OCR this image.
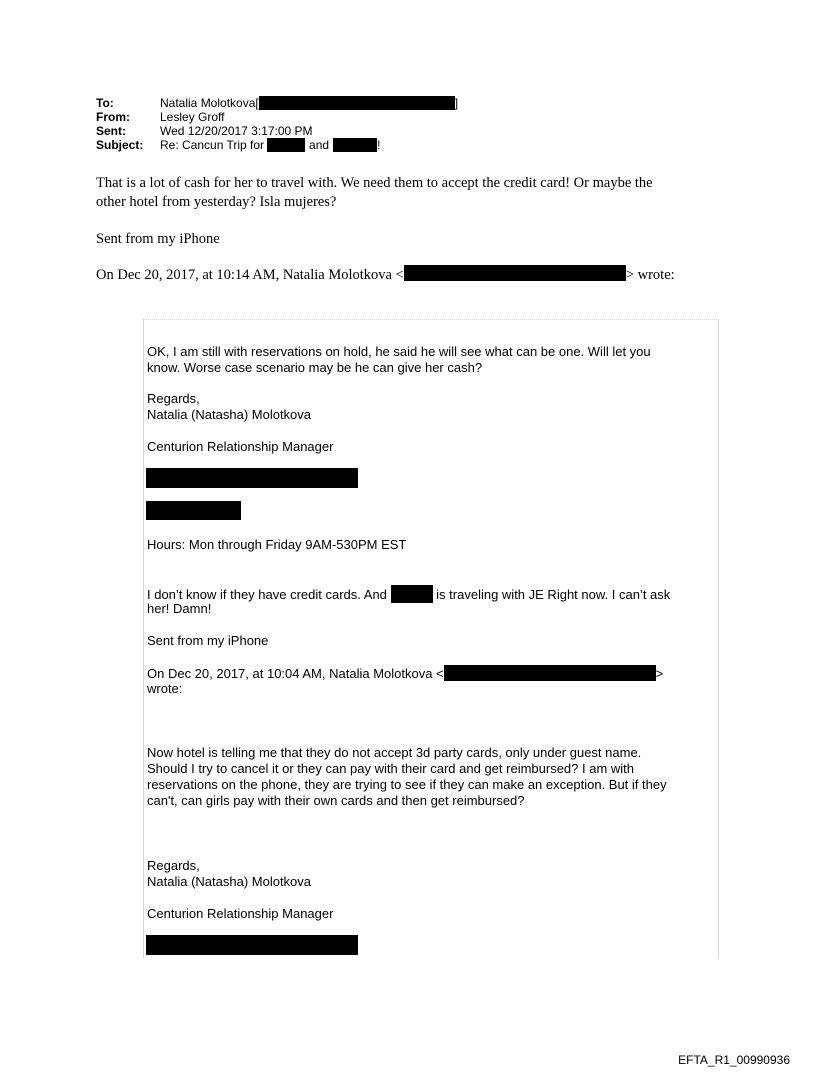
To:	Natalia Molotkova[	]
From:	Lesley Groff
Sent:	Wed 12/20/2017 3:17:00 PM
Subject:	Re: Cancun Trip for	and	!
That is a lot of cash for her to travel with. We need them to accept the credit card! Or maybe the
other hotel from yesterday? Isla mujeres?
Sent from my iPhone
On Dec 20, 2017, at 10:14 AM, Natalia Molotkova <	> wrote:
OK, I am still with reservations on hold, he said he will see what can be one. Will let you
know. Worse case scenario may be he can give her cash?
Regards,
Natalia (Natasha) Molotkova
Centurion Relationship Manager
Hours: Mon through Friday 9AM-530PM EST
I don’t know if they have credit cards. And	is traveling with JE Right now. I can’t ask
her! Damn!
Sent from my iPhone
On Dec 20, 2017, at 10:04 AM, Natalia Molotkova <	>
wrote:
Now hotel is telling me that they do not accept 3d party cards, only under guest name.
Should I try to cancel it or they can pay with their card and get reimbursed? I am with
reservations on the phone, they are trying to see if they can make an exception. But if they
can't, can girls pay with their own cards and then get reimbursed?
Regards,
Natalia (Natasha) Molotkova
Centurion Relationship Manager
EFTA_R1_00990936
